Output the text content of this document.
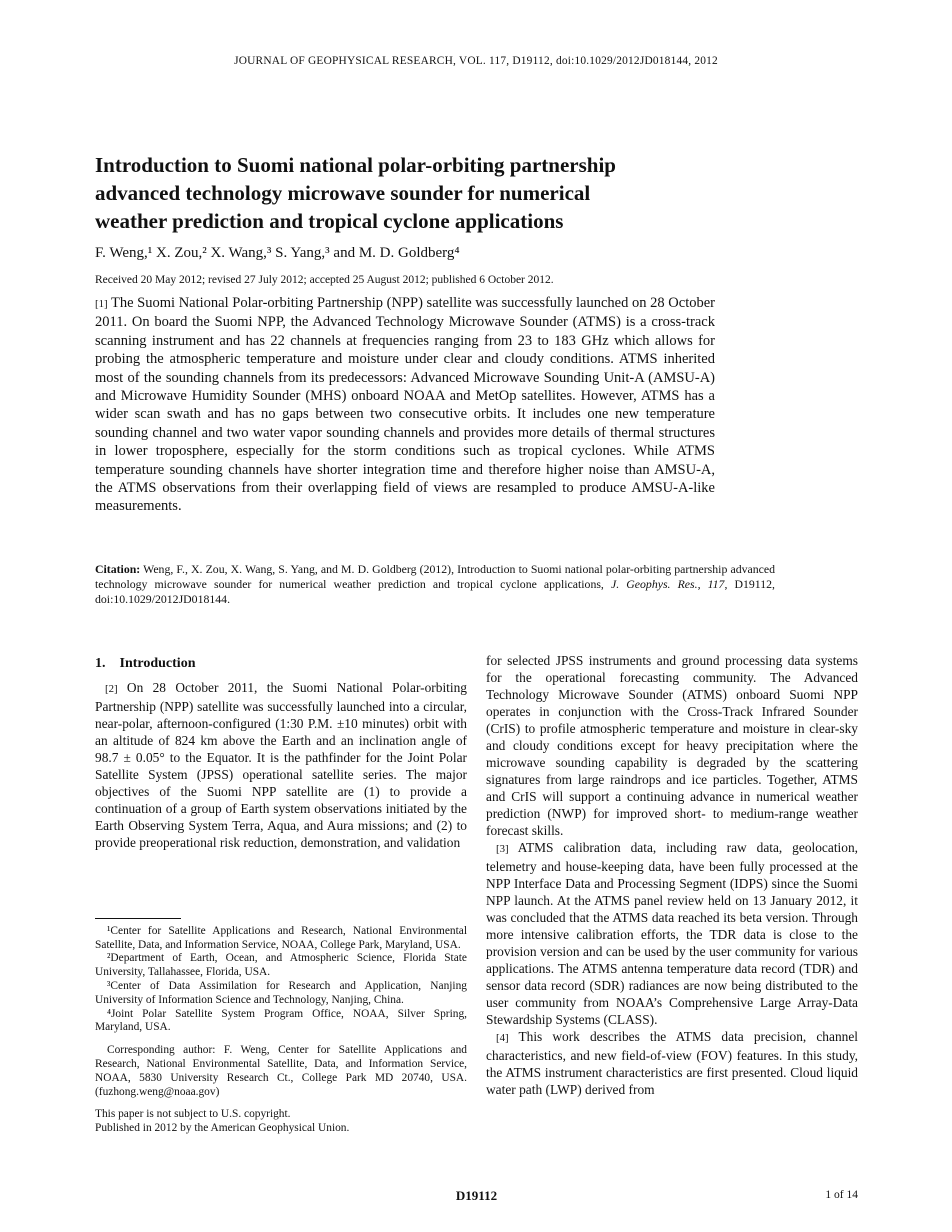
JOURNAL OF GEOPHYSICAL RESEARCH, VOL. 117, D19112, doi:10.1029/2012JD018144, 2012
Introduction to Suomi national polar-orbiting partnership
advanced technology microwave sounder for numerical
weather prediction and tropical cyclone applications
F. Weng,¹ X. Zou,² X. Wang,³ S. Yang,³ and M. D. Goldberg⁴
Received 20 May 2012; revised 27 July 2012; accepted 25 August 2012; published 6 October 2012.

[1] The Suomi National Polar-orbiting Partnership (NPP) satellite was successfully launched on 28 October 2011. On board the Suomi NPP, the Advanced Technology Microwave Sounder (ATMS) is a cross-track scanning instrument and has 22 channels at frequencies ranging from 23 to 183 GHz which allows for probing the atmospheric temperature and moisture under clear and cloudy conditions. ATMS inherited most of the sounding channels from its predecessors: Advanced Microwave Sounding Unit-A (AMSU-A) and Microwave Humidity Sounder (MHS) onboard NOAA and MetOp satellites. However, ATMS has a wider scan swath and has no gaps between two consecutive orbits. It includes one new temperature sounding channel and two water vapor sounding channels and provides more details of thermal structures in lower troposphere, especially for the storm conditions such as tropical cyclones. While ATMS temperature sounding channels have shorter integration time and therefore higher noise than AMSU-A, the ATMS observations from their overlapping field of views are resampled to produce AMSU-A-like measurements.

Citation: Weng, F., X. Zou, X. Wang, S. Yang, and M. D. Goldberg (2012), Introduction to Suomi national polar-orbiting partnership advanced technology microwave sounder for numerical weather prediction and tropical cyclone applications, J. Geophys. Res., 117, D19112, doi:10.1029/2012JD018144.

1. Introduction

[2] On 28 October 2011, the Suomi National Polar-orbiting Partnership (NPP) satellite was successfully launched into a circular, near-polar, afternoon-configured (1:30 P.M. ±10 minutes) orbit with an altitude of 824 km above the Earth and an inclination angle of 98.7 ± 0.05° to the Equator. It is the pathfinder for the Joint Polar Satellite System (JPSS) operational satellite series. The major objectives of the Suomi NPP satellite are (1) to provide a continuation of a group of Earth system observations initiated by the Earth Observing System Terra, Aqua, and Aura missions; and (2) to provide preoperational risk reduction, demonstration, and validation

¹Center for Satellite Applications and Research, National Environmental Satellite, Data, and Information Service, NOAA, College Park, Maryland, USA.

²Department of Earth, Ocean, and Atmospheric Science, Florida State University, Tallahassee, Florida, USA.

³Center of Data Assimilation for Research and Application, Nanjing University of Information Science and Technology, Nanjing, China.

⁴Joint Polar Satellite System Program Office, NOAA, Silver Spring, Maryland, USA.

Corresponding author: F. Weng, Center for Satellite Applications and Research, National Environmental Satellite, Data, and Information Service, NOAA, 5830 University Research Ct., College Park MD 20740, USA. (fuzhong.weng@noaa.gov)

This paper is not subject to U.S. copyright.

Published in 2012 by the American Geophysical Union.

for selected JPSS instruments and ground processing data systems for the operational forecasting community. The Advanced Technology Microwave Sounder (ATMS) onboard Suomi NPP operates in conjunction with the Cross-Track Infrared Sounder (CrIS) to profile atmospheric temperature and moisture in clear-sky and cloudy conditions except for heavy precipitation where the microwave sounding capability is degraded by the scattering signatures from large raindrops and ice particles. Together, ATMS and CrIS will support a continuing advance in numerical weather prediction (NWP) for improved short- to medium-range weather forecast skills.

[3] ATMS calibration data, including raw data, geolocation, telemetry and house-keeping data, have been fully processed at the NPP Interface Data and Processing Segment (IDPS) since the Suomi NPP launch. At the ATMS panel review held on 13 January 2012, it was concluded that the ATMS data reached its beta version. Through more intensive calibration efforts, the TDR data is close to the provision version and can be used by the user community for various applications. The ATMS antenna temperature data record (TDR) and sensor data record (SDR) radiances are now being distributed to the user community from NOAA’s Comprehensive Large Array-Data Stewardship Systems (CLASS).

[4] This work describes the ATMS data precision, channel characteristics, and new field-of-view (FOV) features. In this study, the ATMS instrument characteristics are first presented. Cloud liquid water path (LWP) derived from

D19112	1 of 14
